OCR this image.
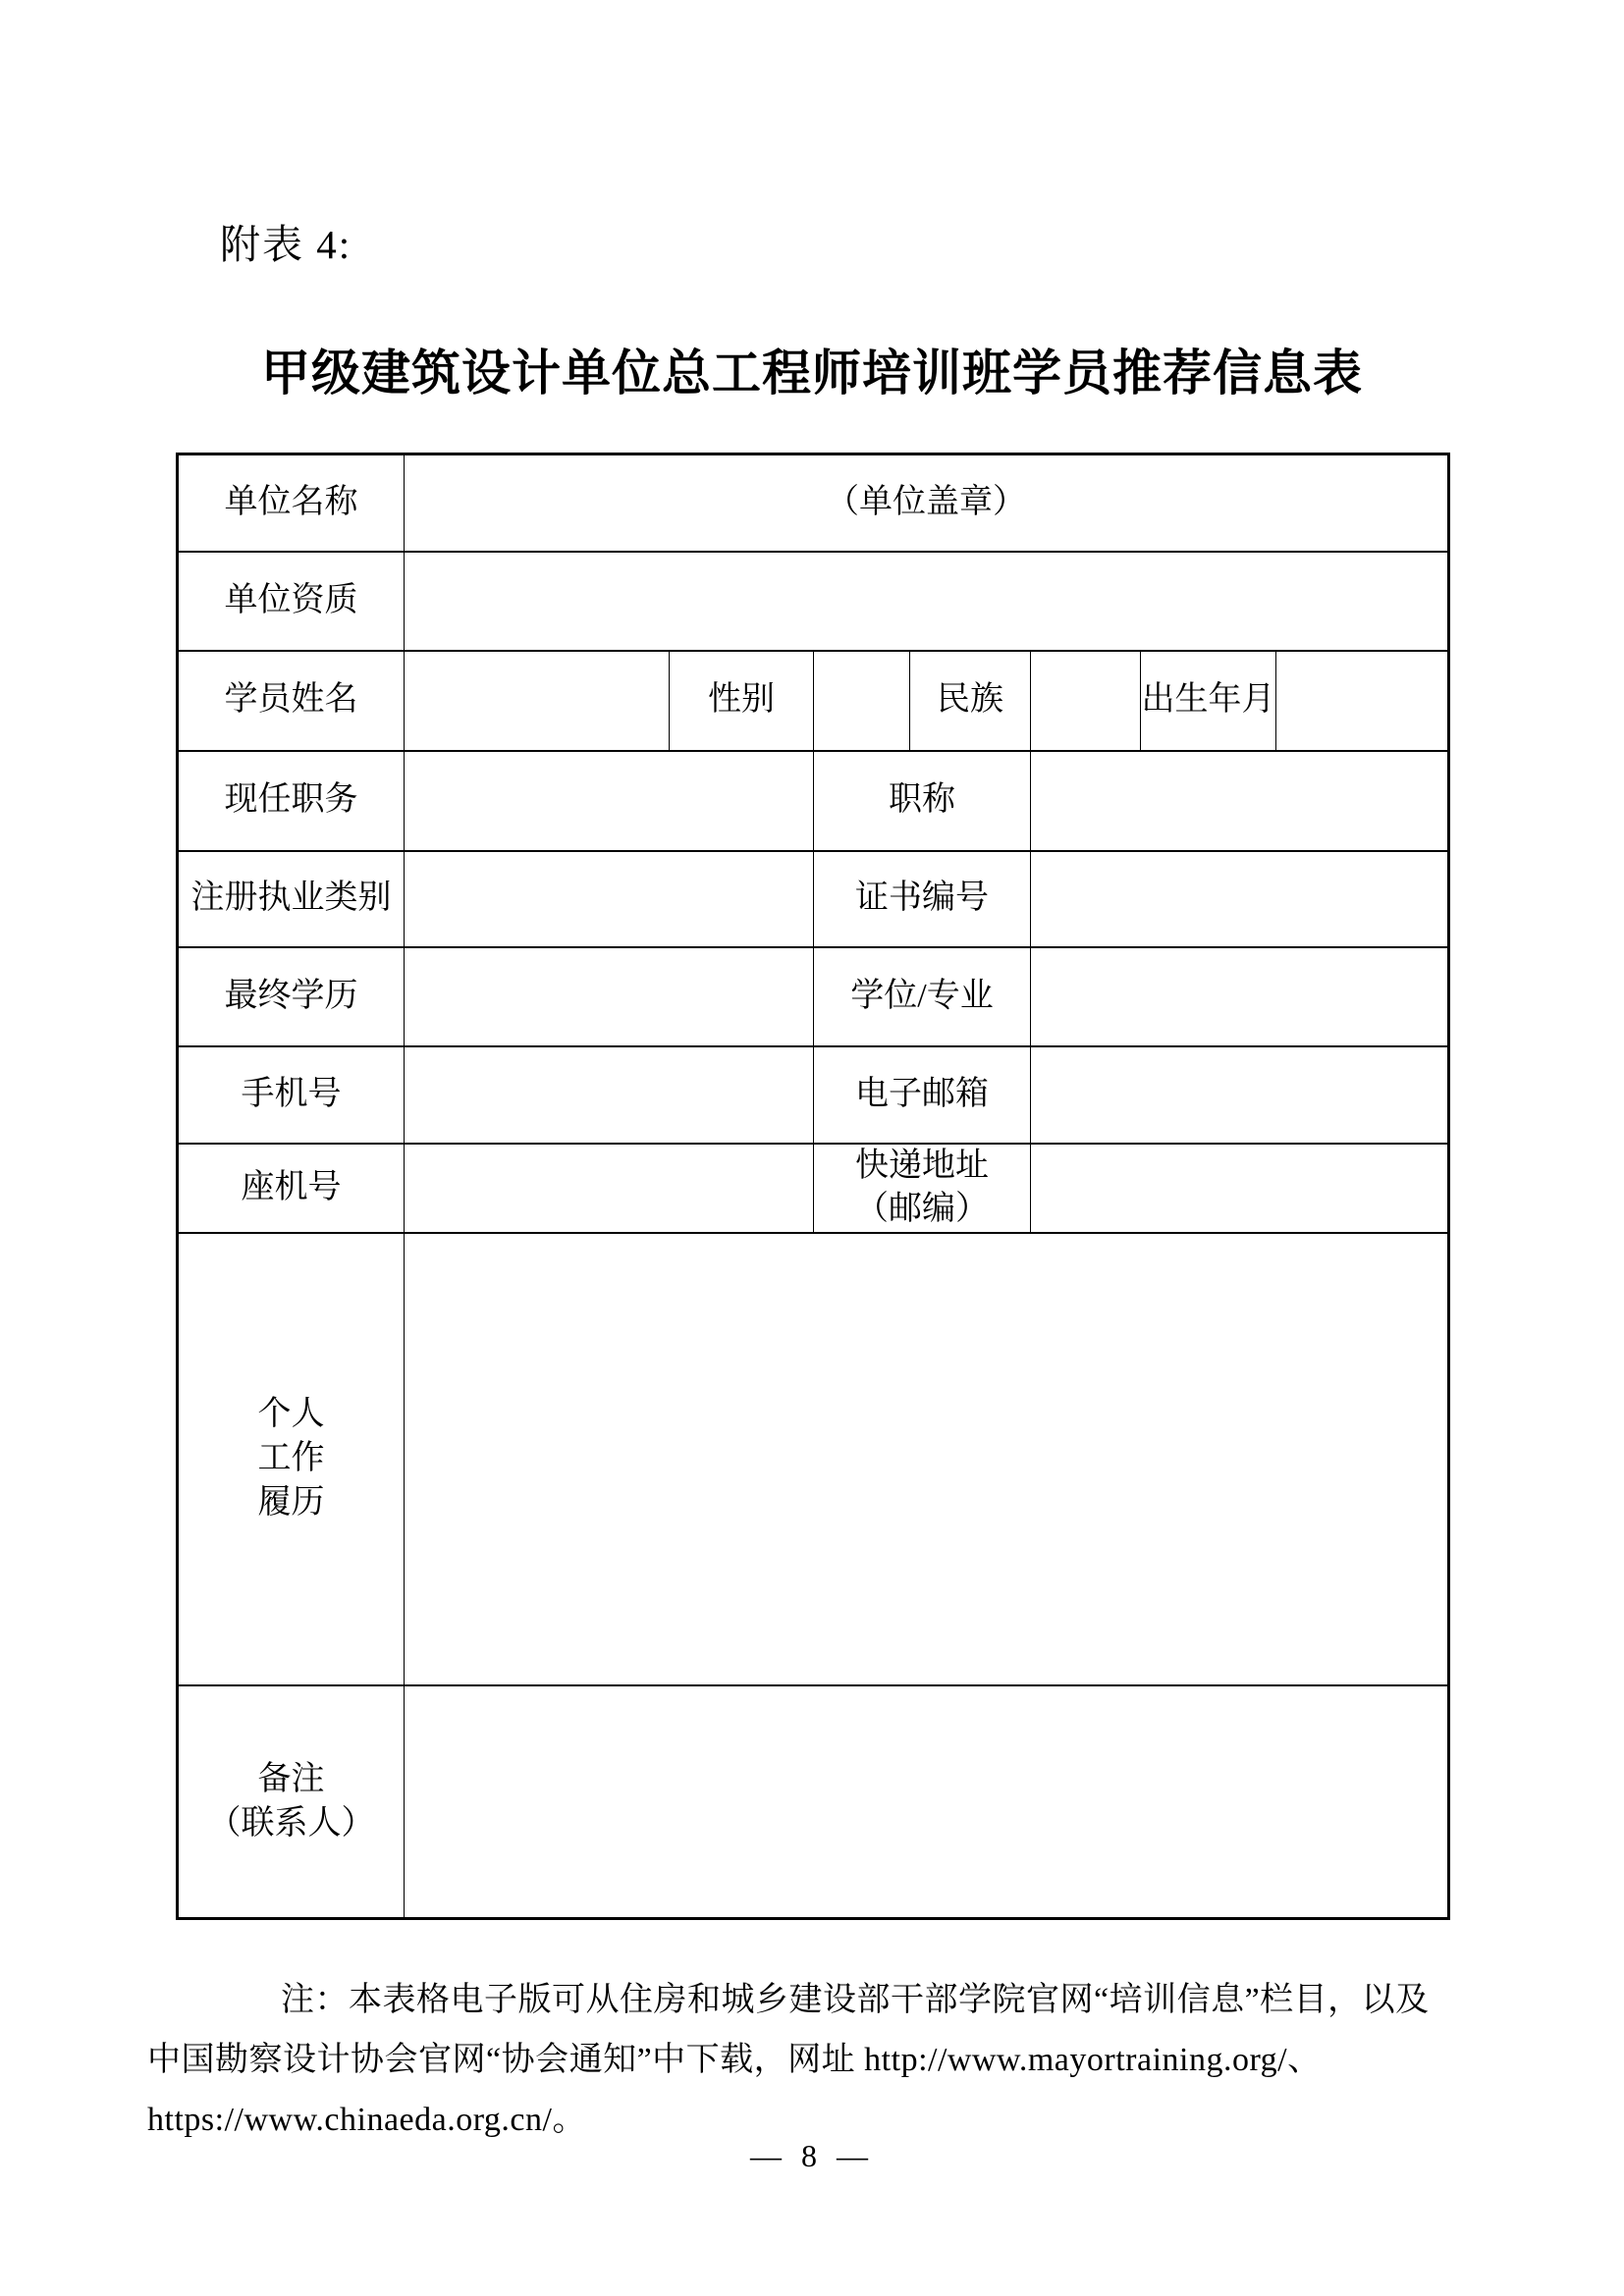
附表 4:
甲级建筑设计单位总工程师培训班学员推荐信息表
单位名称	（单位盖章）						
单位资质							
学员姓名		性别		民族		出生年月	
现任职务			职称				
注册执业类别			证书编号				
最终学历			学位/专业				
手机号			电子邮箱				
座机号			快递地址
（邮编）				

个人
工作
履历							

备注
（联系人）							

注：本表格电子版可从住房和城乡建设部干部学院官网“培训信息”栏目，以及
中国勘察设计协会官网“协会通知”中下载，网址 http://www.mayortraining.org/、
https://www.chinaeda.org.cn/。
— 8 —
